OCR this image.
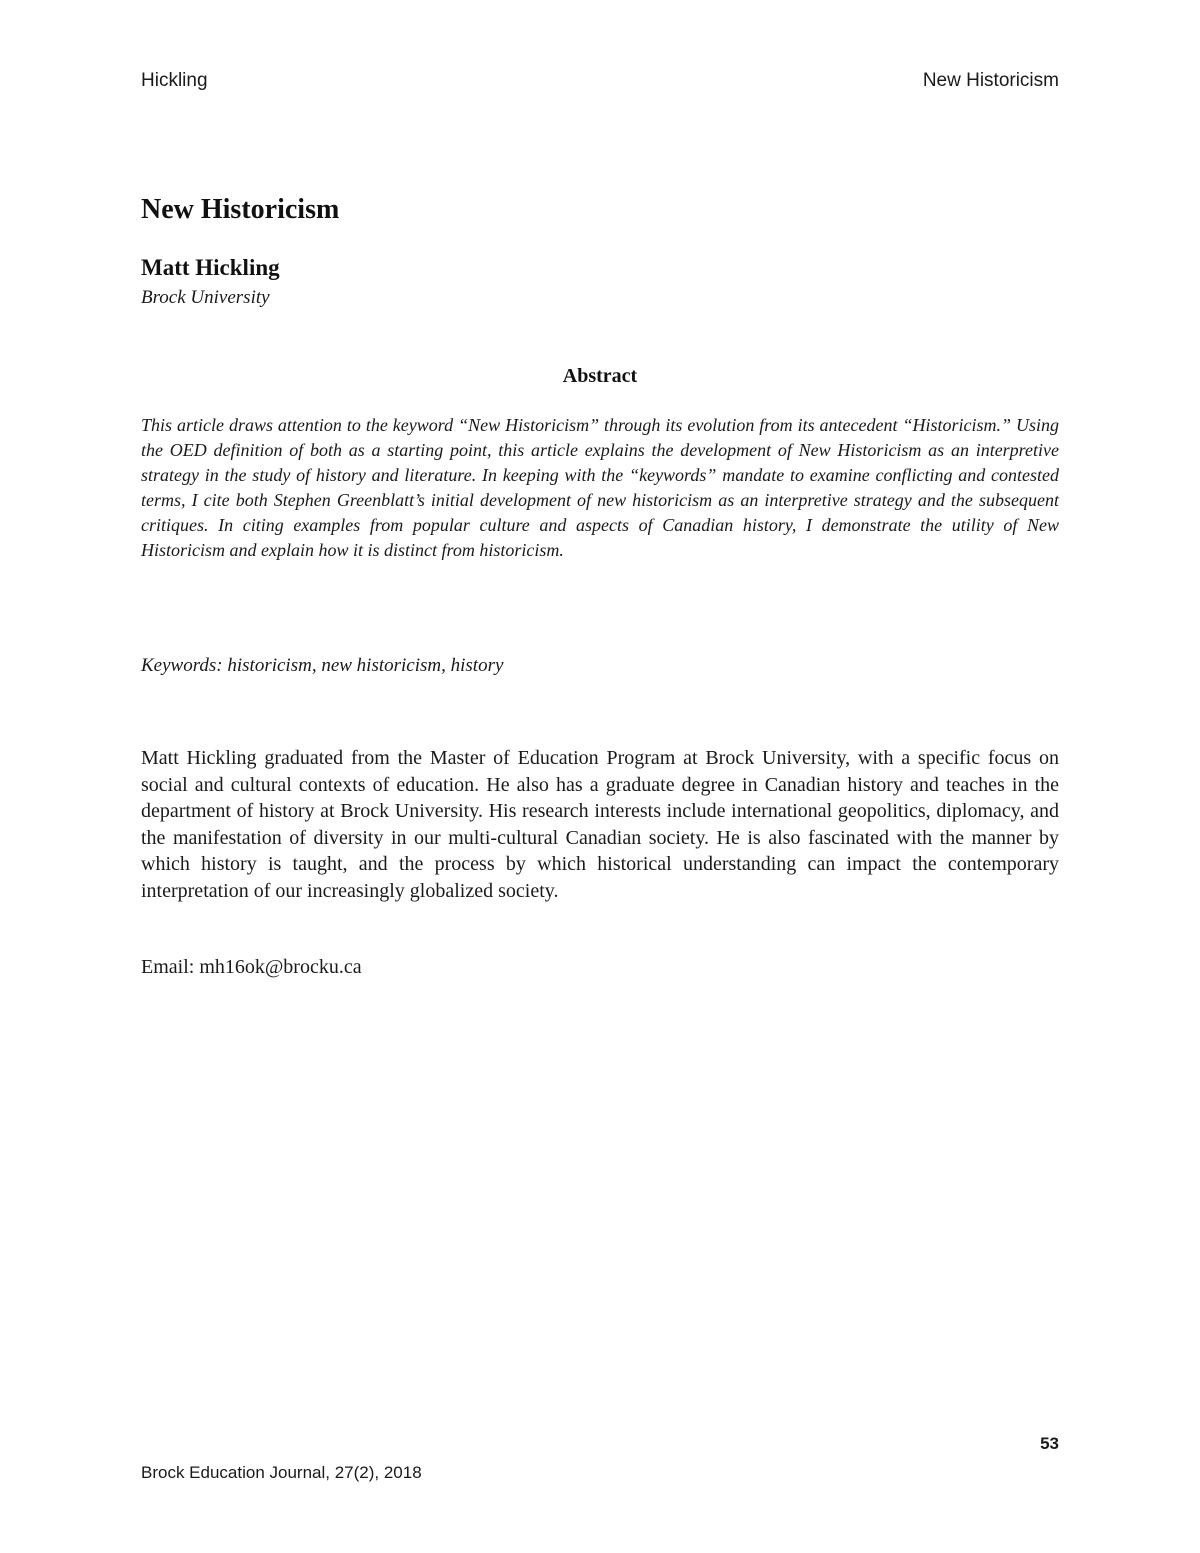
Hickling	New Historicism
New Historicism
Matt Hickling
Brock University
Abstract

This article draws attention to the keyword “New Historicism” through its evolution from its antecedent “Historicism.” Using the OED definition of both as a starting point, this article explains the development of New Historicism as an interpretive strategy in the study of history and literature. In keeping with the “keywords” mandate to examine conflicting and contested terms, I cite both Stephen Greenblatt’s initial development of new historicism as an interpretive strategy and the subsequent critiques. In citing examples from popular culture and aspects of Canadian history, I demonstrate the utility of New Historicism and explain how it is distinct from historicism.

Keywords: historicism, new historicism, history

Matt Hickling graduated from the Master of Education Program at Brock University, with a specific focus on social and cultural contexts of education. He also has a graduate degree in Canadian history and teaches in the department of history at Brock University. His research interests include international geopolitics, diplomacy, and the manifestation of diversity in our multi-cultural Canadian society. He is also fascinated with the manner by which history is taught, and the process by which historical understanding can impact the contemporary interpretation of our increasingly globalized society.

Email: mh16ok@brocku.ca

53
Brock Education Journal, 27(2), 2018
